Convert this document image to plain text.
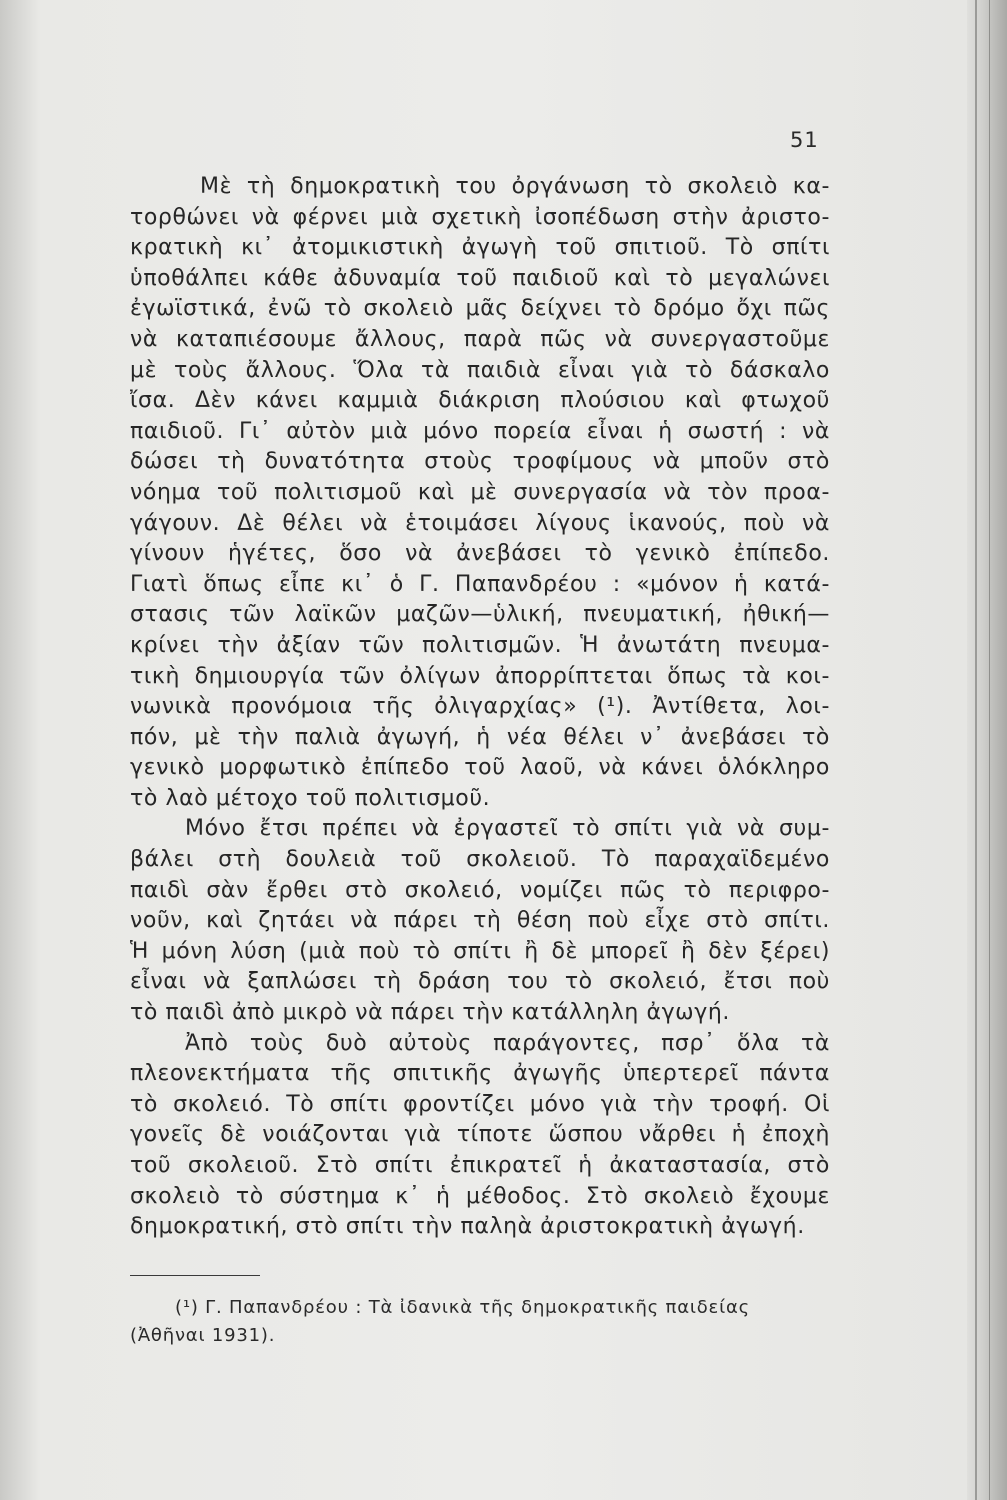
51
Μὲ τὴ δημοκρατικὴ του ὀργάνωση τὸ σκολειὸ κα-
τορθώνει νὰ φέρνει μιὰ σχετικὴ ἰσοπέδωση στὴν ἀριστο-
κρατικὴ κι᾽ ἀτομικιστικὴ ἀγωγὴ τοῦ σπιτιοῦ. Τὸ σπίτι
ὑποθάλπει κάθε ἀδυναμία τοῦ παιδιοῦ καὶ τὸ μεγαλώνει
ἐγωϊστικά, ἐνῶ τὸ σκολειὸ μᾶς δείχνει τὸ δρόμο ὄχι πῶς
νὰ καταπιέσουμε ἄλλους, παρὰ πῶς νὰ συνεργαστοῦμε
μὲ τοὺς ἄλλους. Ὅλα τὰ παιδιὰ εἶναι γιὰ τὸ δάσκαλο
ἴσα. Δὲν κάνει καμμιὰ διάκριση πλούσιου καὶ φτωχοῦ
παιδιοῦ. Γι᾽ αὐτὸν μιὰ μόνο πορεία εἶναι ἡ σωστή : νὰ
δώσει τὴ δυνατότητα στοὺς τροφίμους νὰ μποῦν στὸ
νόημα τοῦ πολιτισμοῦ καὶ μὲ συνεργασία νὰ τὸν προα-
γάγουν. Δὲ θέλει νὰ ἑτοιμάσει λίγους ἱκανούς, ποὺ νὰ
γίνουν ἡγέτες, ὅσο νὰ ἀνεβάσει τὸ γενικὸ ἐπίπεδο.
Γιατὶ ὅπως εἶπε κι᾽ ὁ Γ. Παπανδρέου : «μόνον ἡ κατά-
στασις τῶν λαϊκῶν μαζῶν—ὑλική, πνευματική, ἠθική—
κρίνει τὴν ἀξίαν τῶν πολιτισμῶν. Ἡ ἀνωτάτη πνευμα-
τικὴ δημιουργία τῶν ὀλίγων ἀπορρίπτεται ὅπως τὰ κοι-
νωνικὰ προνόμοια τῆς ὀλιγαρχίας» (¹). Ἀντίθετα, λοι-
πόν, μὲ τὴν παλιὰ ἀγωγή, ἡ νέα θέλει ν᾽ ἀνεβάσει τὸ
γενικὸ μορφωτικὸ ἐπίπεδο τοῦ λαοῦ, νὰ κάνει ὁλόκληρο
τὸ λαὸ μέτοχο τοῦ πολιτισμοῦ.
Μόνο ἔτσι πρέπει νὰ ἐργαστεῖ τὸ σπίτι γιὰ νὰ συμ-
βάλει στὴ δουλειὰ τοῦ σκολειοῦ. Τὸ παραχαϊδεμένο
παιδὶ σὰν ἔρθει στὸ σκολειό, νομίζει πῶς τὸ περιφρο-
νοῦν, καὶ ζητάει νὰ πάρει τὴ θέση ποὺ εἶχε στὸ σπίτι.
Ἡ μόνη λύση (μιὰ ποὺ τὸ σπίτι ἢ δὲ μπορεῖ ἢ δὲν ξέρει)
εἶναι νὰ ξαπλώσει τὴ δράση του τὸ σκολειό, ἔτσι ποὺ
τὸ παιδὶ ἀπὸ μικρὸ νὰ πάρει τὴν κατάλληλη ἀγωγή.
Ἀπὸ τοὺς δυὸ αὐτοὺς παράγοντες, πσρ᾽ ὅλα τὰ
πλεονεκτήματα τῆς σπιτικῆς ἀγωγῆς ὑπερτερεῖ πάντα
τὸ σκολειό. Τὸ σπίτι φροντίζει μόνο γιὰ τὴν τροφή. Οἱ
γονεῖς δὲ νοιάζονται γιὰ τίποτε ὥσπου νἄρθει ἡ ἐποχὴ
τοῦ σκολειοῦ. Στὸ σπίτι ἐπικρατεῖ ἡ ἀκαταστασία, στὸ
σκολειὸ τὸ σύστημα κ᾽ ἡ μέθοδος. Στὸ σκολειὸ ἔχουμε
δημοκρατική, στὸ σπίτι τὴν παληὰ ἀριστοκρατικὴ ἀγωγή.
(¹) Γ. Παπανδρέου : Τὰ ἰδανικὰ τῆς δημοκρατικῆς παιδείας
(Ἀθῆναι 1931).
